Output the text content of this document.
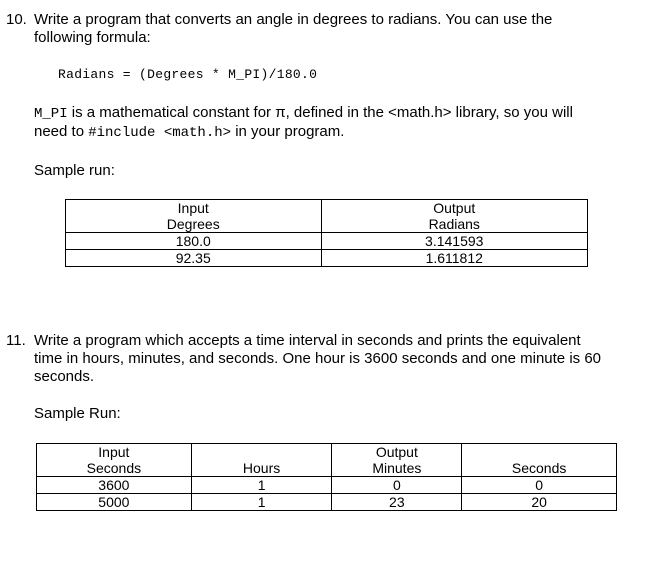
10. Write a program that converts an angle in degrees to radians. You can use the
following formula:
Radians = (Degrees * M_PI)/180.0
M_PI is a mathematical constant for π, defined in the <math.h> library, so you will
need to #include <math.h> in your program.
Sample run:
Input	Output
Degrees	Radians
180.0	3.141593
92.35	1.611812
11. Write a program which accepts a time interval in seconds and prints the equivalent
time in hours, minutes, and seconds. One hour is 3600 seconds and one minute is 60
seconds.
Sample Run:
Input		Output	
Seconds	Hours	Minutes	Seconds
3600	1	0	0
5000	1	23	20
